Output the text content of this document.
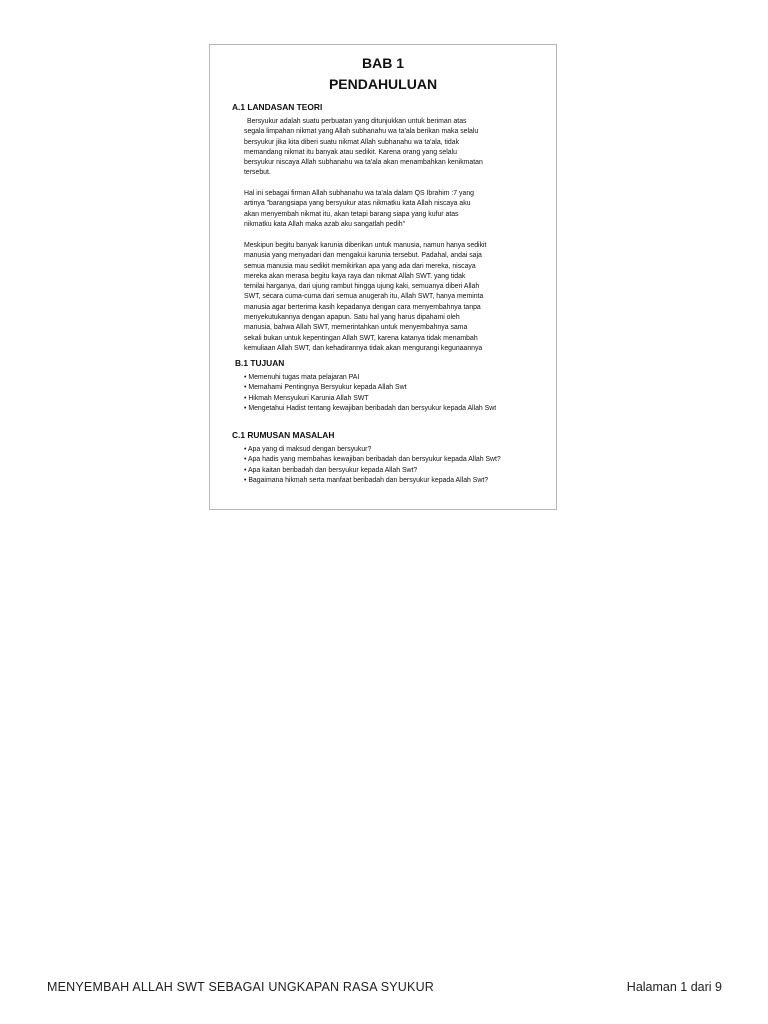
BAB 1
PENDAHULUAN
A.1 LANDASAN TEORI
Bersyukur adalah suatu perbuatan yang ditunjukkan untuk beriman atas
segala limpahan nikmat yang Allah subhanahu wa ta'ala berikan maka selalu
bersyukur jika kita diberi suatu nikmat Allah subhanahu wa ta'ala, tidak
memandang nikmat itu banyak atau sedikit. Karena orang yang selalu
bersyukur niscaya Allah subhanahu wa ta'ala akan menambahkan kenikmatan
tersebut.
Hal ini sebagai firman Allah subhanahu wa ta'ala dalam QS Ibrahim :7 yang
artinya "barangsiapa yang bersyukur atas nikmatku kata Allah niscaya aku
akan menyembah nikmat itu, akan tetapi barang siapa yang kufur atas
nikmatku kata Allah maka azab aku sangatlah pedih"
Meskipun begitu banyak karunia diberikan untuk manusia, namun hanya sedikit
manusia yang menyadari dan mengakui karunia tersebut. Padahal, andai saja
semua manusia mau sedikit memikirkan apa yang ada dari mereka, niscaya
mereka akan merasa begitu kaya raya dan nikmat Allah SWT. yang tidak
ternilai harganya, dari ujung rambut hingga ujung kaki, semuanya diberi Allah
SWT, secara cuma-cuma dari semua anugerah itu, Allah SWT, hanya meminta
manusia agar berterima kasih kepadanya dengan cara menyembahnya tanpa
menyekutukannya dengan apapun. Satu hal yang harus dipahami oleh
manusia, bahwa Allah SWT, memerintahkan untuk menyembahnya sama
sekali bukan untuk kepentingan Allah SWT, karena katanya tidak menambah
kemuliaan Allah SWT, dan kehadirannya tidak akan mengurangi kegunaannya
B.1 TUJUAN
• Memenuhi tugas mata pelajaran PAI
• Memahami Pentingnya Bersyukur kepada Allah Swt
• Hikmah Mensyukuri Karunia Allah SWT
• Mengetahui Hadist tentang kewajiban beribadah dan bersyukur kepada Allah Swt
C.1 RUMUSAN MASALAH
• Apa yang di maksud dengan bersyukur?
• Apa hadis yang membahas kewajiban beribadah dan bersyukur kepada Allah Swt?
• Apa kaitan beribadah dan bersyukur kepada Allah Swt?
• Bagaimana hikmah serta manfaat beribadah dan bersyukur kepada Allah Swt?
MENYEMBAH ALLAH SWT SEBAGAI UNGKAPAN RASA SYUKUR	Halaman 1 dari 9
